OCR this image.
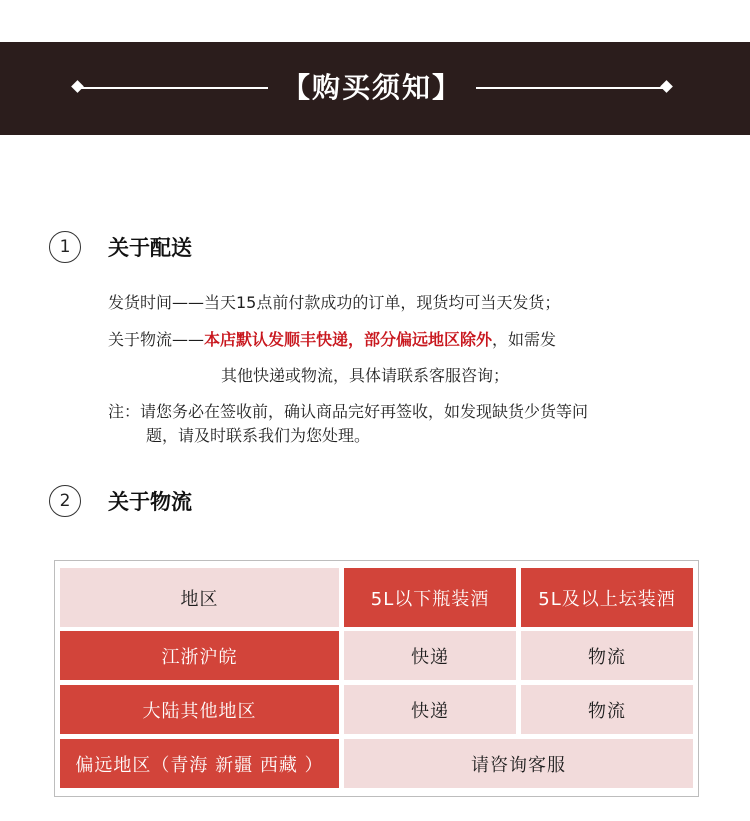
【购买须知】
1	关于配送
发货时间——当天15点前付款成功的订单，现货均可当天发货；
关于物流——本店默认发顺丰快递，部分偏远地区除外，如需发
其他快递或物流，具体请联系客服咨询；
注：请您务必在签收前，确认商品完好再签收，如发现缺货少货等问
题，请及时联系我们为您处理。
2	关于物流
地区	5L以下瓶装酒	5L及以上坛装酒
江浙沪皖	快递	物流
大陆其他地区	快递	物流
偏远地区（青海 新疆 西藏 ）	请咨询客服
